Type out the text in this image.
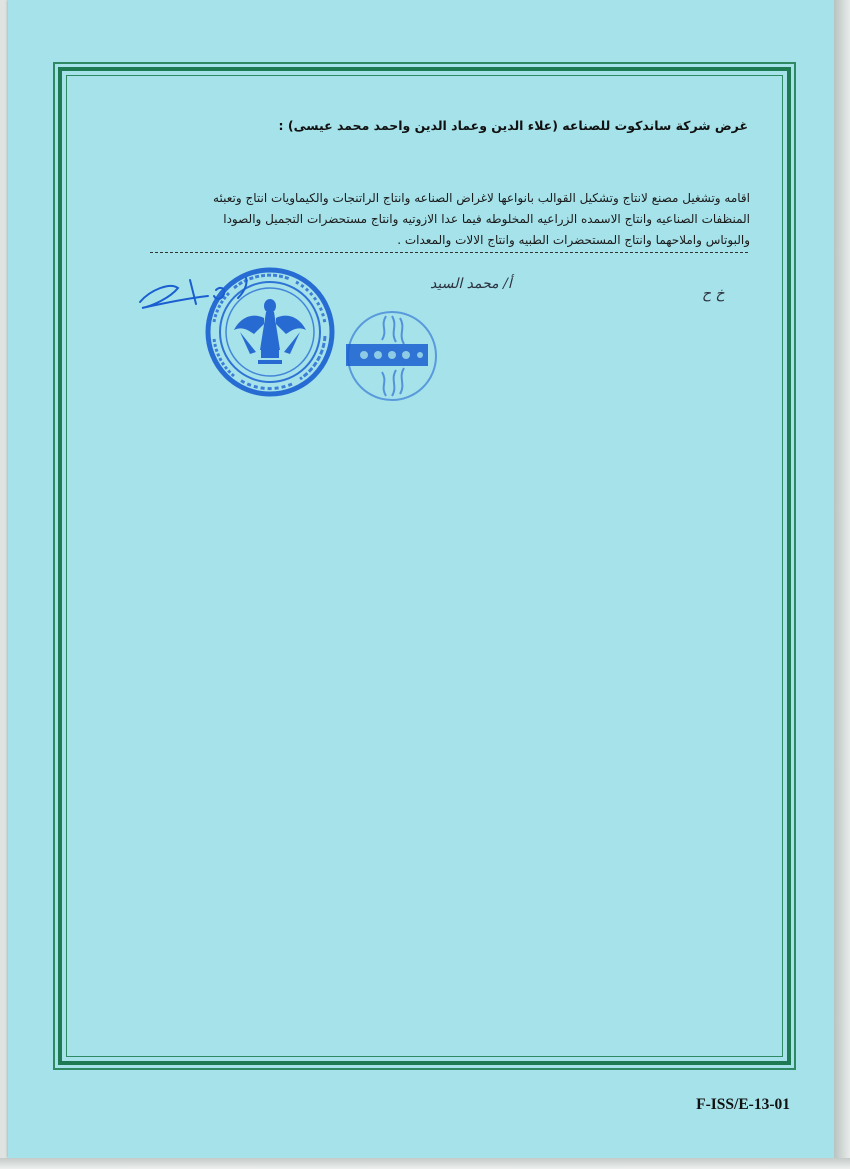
غرض شركة ساندكوت للصناعه (علاء الدين وعماد الدين واحمد محمد عيسى) :

اقامه وتشغيل مصنع لانتاج وتشكيل القوالب بانواعها لاغراض الصناعه وانتاج الراتنجات والكيماويات انتاج وتعبئه

المنظفات الصناعيه وانتاج الاسمده الزراعيه المخلوطه فيما عدا الازوتيه وانتاج مستحضرات التجميل والصودا

والبوتاس واملاحهما وانتاج المستحضرات الطبيه وانتاج الالات والمعدات .

أ/ محمد السيد
خ ح
F-ISS/E-13-01
